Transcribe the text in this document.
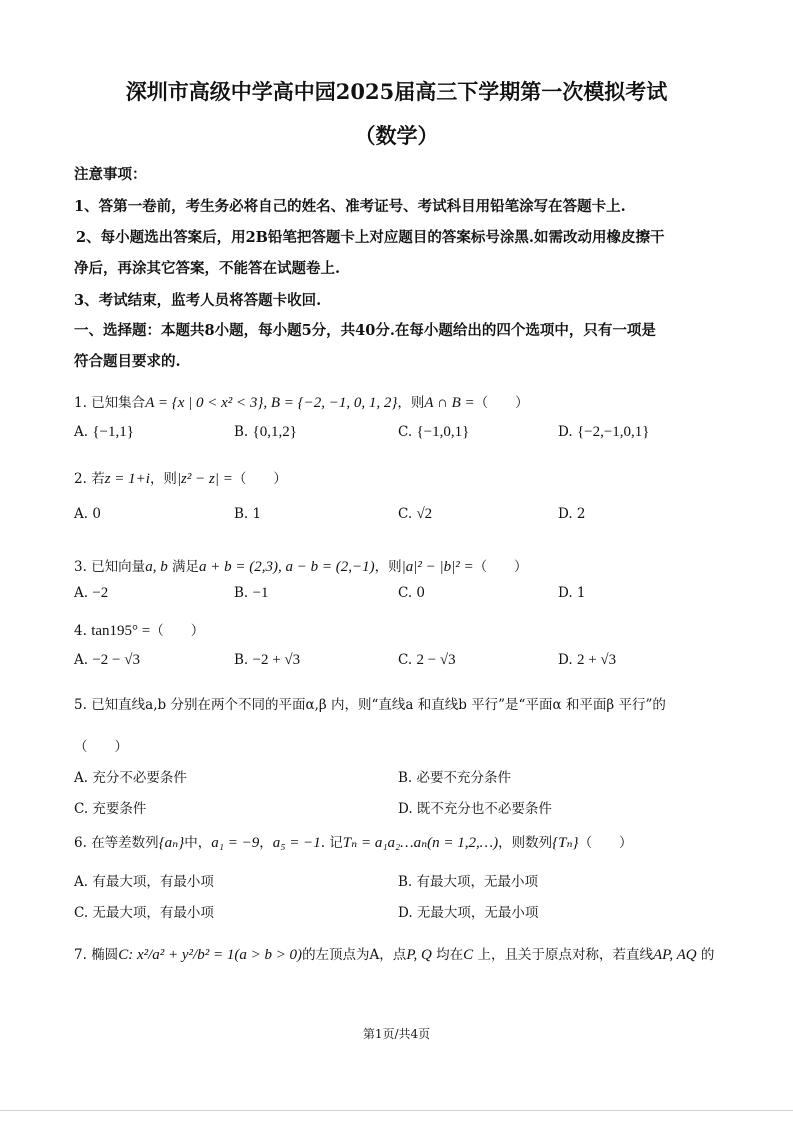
深圳市高级中学高中园2025届高三下学期第一次模拟考试
（数学）
注意事项：
1、答第一卷前，考生务必将自己的姓名、准考证号、考试科目用铅笔涂写在答题卡上.
2、每小题选出答案后，用2B铅笔把答题卡上对应题目的答案标号涂黑.如需改动用橡皮擦干
净后，再涂其它答案，不能答在试题卷上.
3、考试结束，监考人员将答题卡收回.
一、选择题：本题共8小题，每小题5分，共40分.在每小题给出的四个选项中，只有一项是
符合题目要求的.
1. 已知集合A = {x | 0 < x² < 3}, B = {−2, −1, 0, 1, 2}，则A ∩ B =（　　）
A. {−1,1}	B. {0,1,2}	C. {−1,0,1}	D. {−2,−1,0,1}
2. 若z = 1+i，则|z² − z| =（　　）
A. 0	B. 1	C. √2	D. 2
3. 已知向量a, b 满足a + b = (2,3), a − b = (2,−1)，则|a|² − |b|² =（　　）
A. −2	B. −1	C. 0	D. 1
4. tan195° =（　　）
A. −2 − √3	B. −2 + √3	C. 2 − √3	D. 2 + √3
5. 已知直线a,b 分别在两个不同的平面α,β 内，则“直线a 和直线b 平行”是“平面α 和平面β 平行”的
（　　）
A. 充分不必要条件	B. 必要不充分条件
C. 充要条件	D. 既不充分也不必要条件
6. 在等差数列{aₙ}中，a₁ = −9，a₅ = −1. 记Tₙ = a₁a₂…aₙ(n = 1,2,…)，则数列{Tₙ}（　　）
A. 有最大项，有最小项	B. 有最大项，无最小项
C. 无最大项，有最小项	D. 无最大项，无最小项
7. 椭圆C: x²/a² + y²/b² = 1(a > b > 0)的左顶点为A，点P, Q 均在C 上，且关于原点对称，若直线AP, AQ 的
第1页/共4页
